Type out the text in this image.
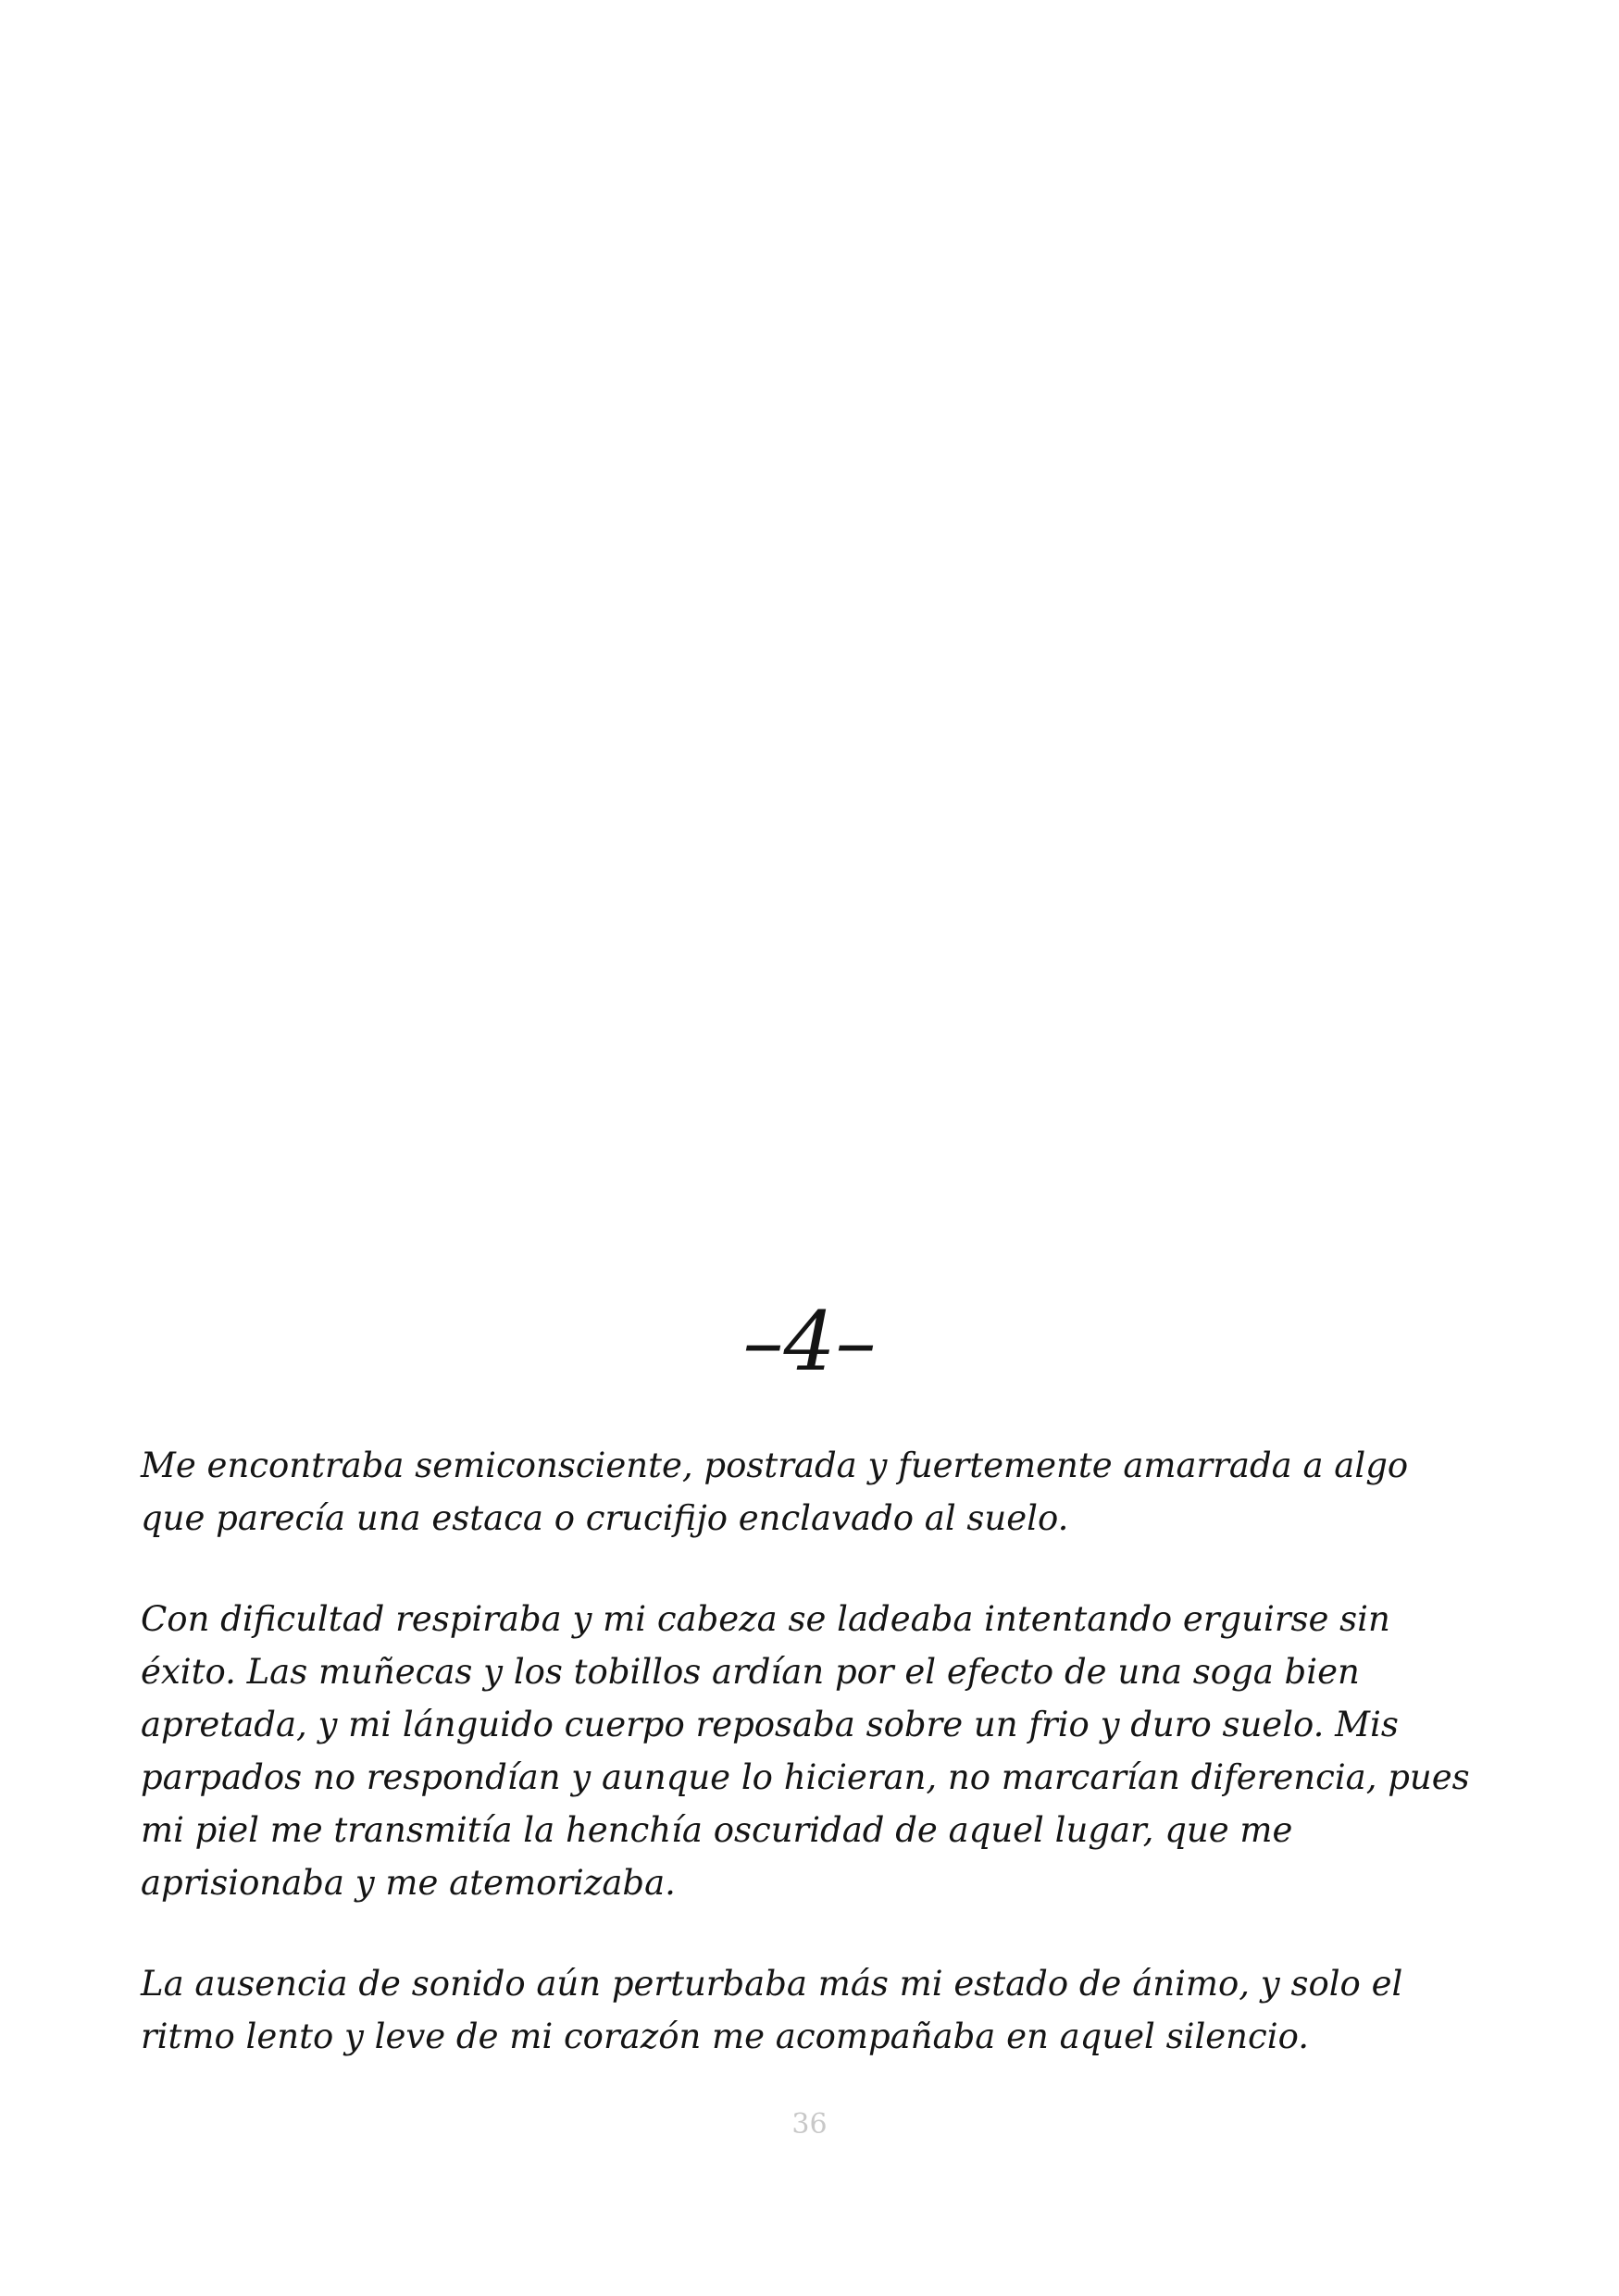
–4–

Me encontraba semiconsciente, postrada y fuertemente amarrada a algo que parecía una estaca o crucifijo enclavado al suelo.

Con dificultad respiraba y mi cabeza se ladeaba intentando erguirse sin éxito. Las muñecas y los tobillos ardían por el efecto de una soga bien apretada, y mi lánguido cuerpo reposaba sobre un frio y duro suelo. Mis parpados no respondían y aunque lo hicieran, no marcarían diferencia, pues mi piel me transmitía la henchía oscuridad de aquel lugar, que me aprisionaba y me atemorizaba.

La ausencia de sonido aún perturbaba más mi estado de ánimo, y solo el ritmo lento y leve de mi corazón me acompañaba en aquel silencio.

36
